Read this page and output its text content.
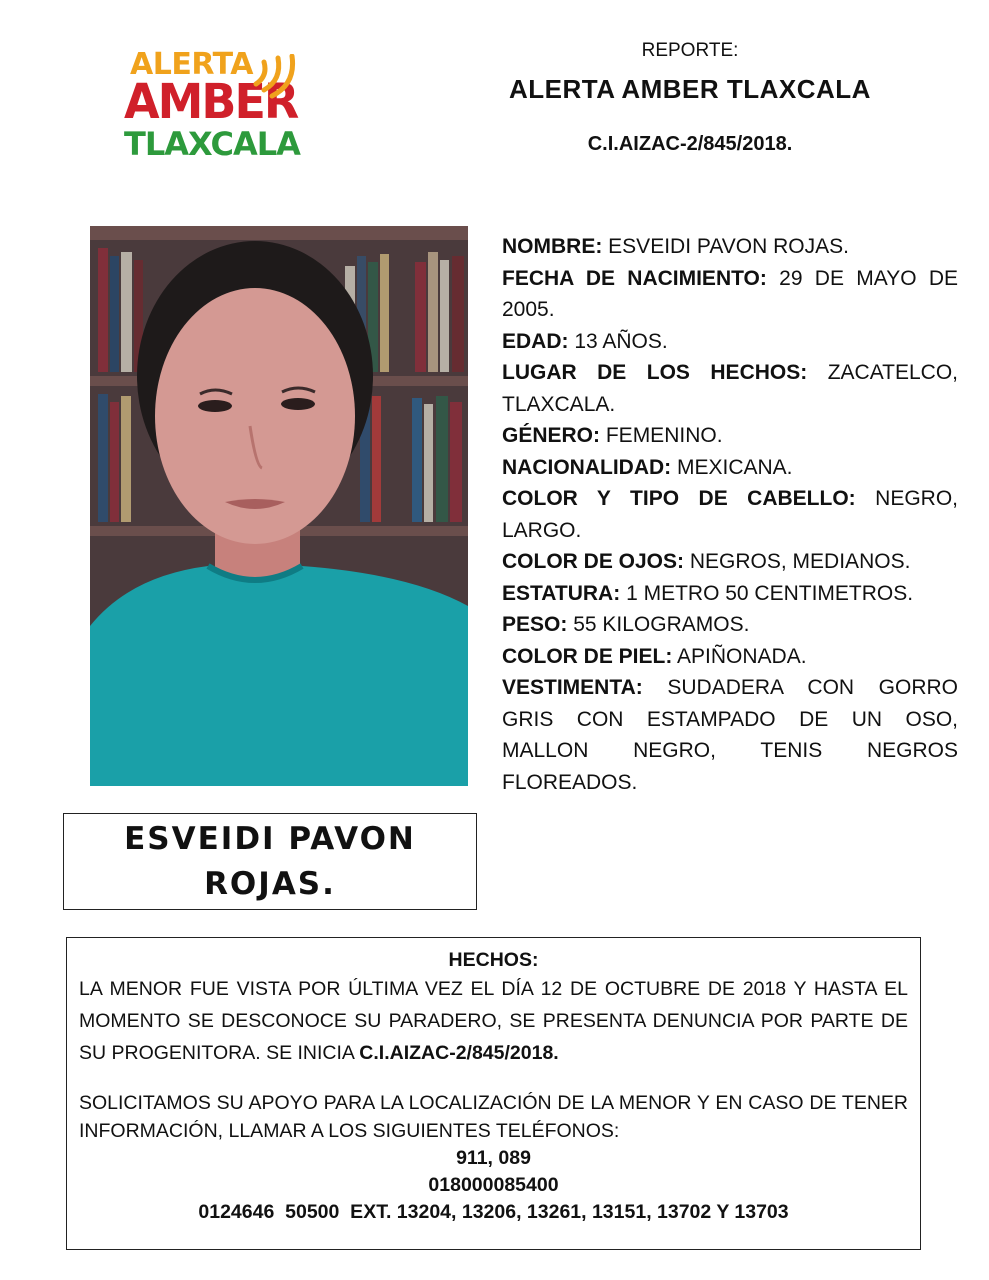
ALERTA
AMBER
TLAXCALA
REPORTE:
ALERTA AMBER TLAXCALA
C.I.AIZAC-2/845/2018.

NOMBRE: ESVEIDI PAVON ROJAS.

FECHA DE NACIMIENTO: 29 DE MAYO DE 2005.

EDAD: 13 AÑOS.

LUGAR DE LOS HECHOS: ZACATELCO, TLAXCALA.

GÉNERO: FEMENINO.

NACIONALIDAD: MEXICANA.

COLOR Y TIPO DE CABELLO: NEGRO, LARGO.

COLOR DE OJOS: NEGROS, MEDIANOS.

ESTATURA: 1 METRO 50 CENTIMETROS.

PESO: 55 KILOGRAMOS.

COLOR DE PIEL: APIÑONADA.

VESTIMENTA: SUDADERA CON GORRO GRIS CON ESTAMPADO DE UN OSO, MALLON NEGRO, TENIS NEGROS FLOREADOS.

ESVEIDI PAVON ROJAS.
HECHOS:

LA MENOR FUE VISTA POR ÚLTIMA VEZ EL DÍA 12 DE OCTUBRE DE 2018 Y HASTA EL MOMENTO SE DESCONOCE SU PARADERO, SE PRESENTA DENUNCIA POR PARTE DE SU PROGENITORA. SE INICIA C.I.AIZAC-2/845/2018.

SOLICITAMOS SU APOYO PARA LA LOCALIZACIÓN DE LA MENOR Y EN CASO DE TENER INFORMACIÓN, LLAMAR A LOS SIGUIENTES TELÉFONOS:

911, 089
018000085400
0124646  50500  EXT. 13204, 13206, 13261, 13151, 13702 Y 13703
